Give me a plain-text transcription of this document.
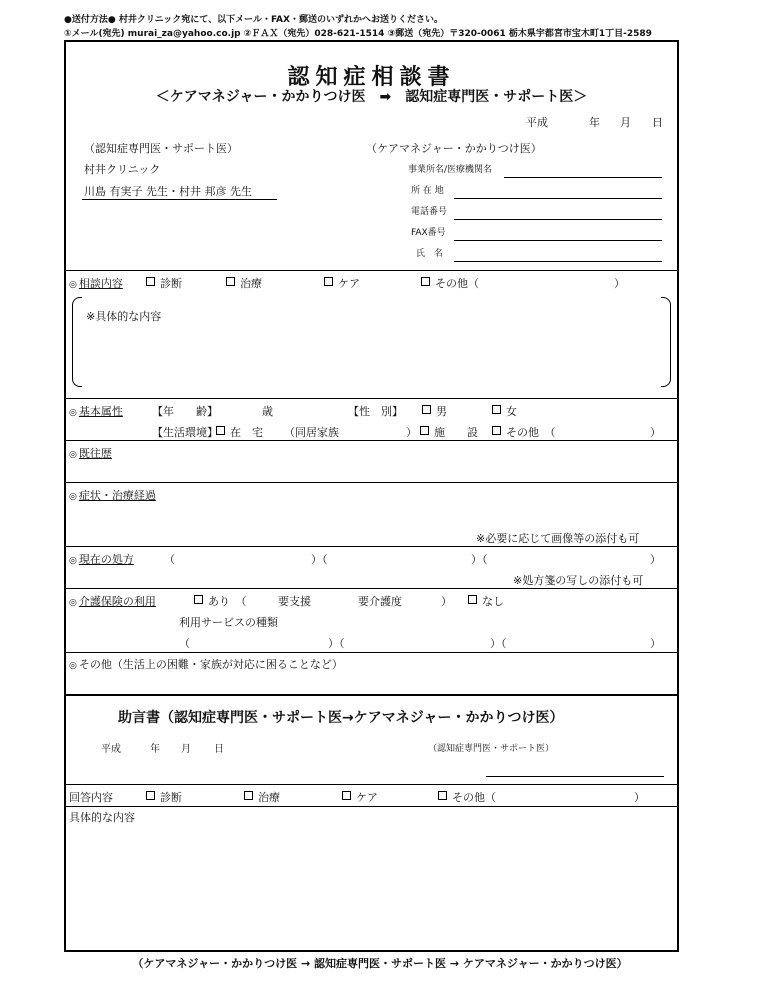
●送付方法● 村井クリニック宛にて、以下メール・FAX・郵送のいずれかへお送りください。
①メール(宛先) murai_za@yahoo.co.jp ②ＦＡＸ（宛先）028-621-1514 ③郵送（宛先）〒320-0061 栃木県宇都宮市宝木町1丁目-2589
認知症相談書
＜ケアマネジャー・かかりつけ医　➡　認知症専門医・サポート医＞
平成	年 月 日
（認知症専門医・サポート医）
村井クリニック
川島 有実子 先生・村井 邦彦 先生
（ケアマネジャー・かかりつけ医）
事業所名/医療機関名
所 在 地
電話番号
FAX番号
氏　名
◎ 相談内容	診断	治療	ケア	その他（	）
※具体的な内容
◎ 基本属性	【年　　齢】	歳	【性　別】	男	女
【生活環境】	在　宅 （同居家族	）	施　　設	その他　（	）
◎ 既往歴
◎ 症状・治療経過
※必要に応じて画像等の添付も可
◎ 現在の処方	（	）（	）（	）
※処方箋の写しの添付も可
◎ 介護保険の利用	あり　（	要支援	要介護度	）	なし
利用サービスの種類
（	）（	）（	）
◎ その他（生活上の困難・家族が対応に困ることなど）
助言書（認知症専門医・サポート医→ケアマネジャー・かかりつけ医）
平成	年 月 日	（認知症専門医・サポート医）
回答内容	診断	治療	ケア	その他（	）
具体的な内容
（ケアマネジャー・かかりつけ医 → 認知症専門医・サポート医 → ケアマネジャー・かかりつけ医）
